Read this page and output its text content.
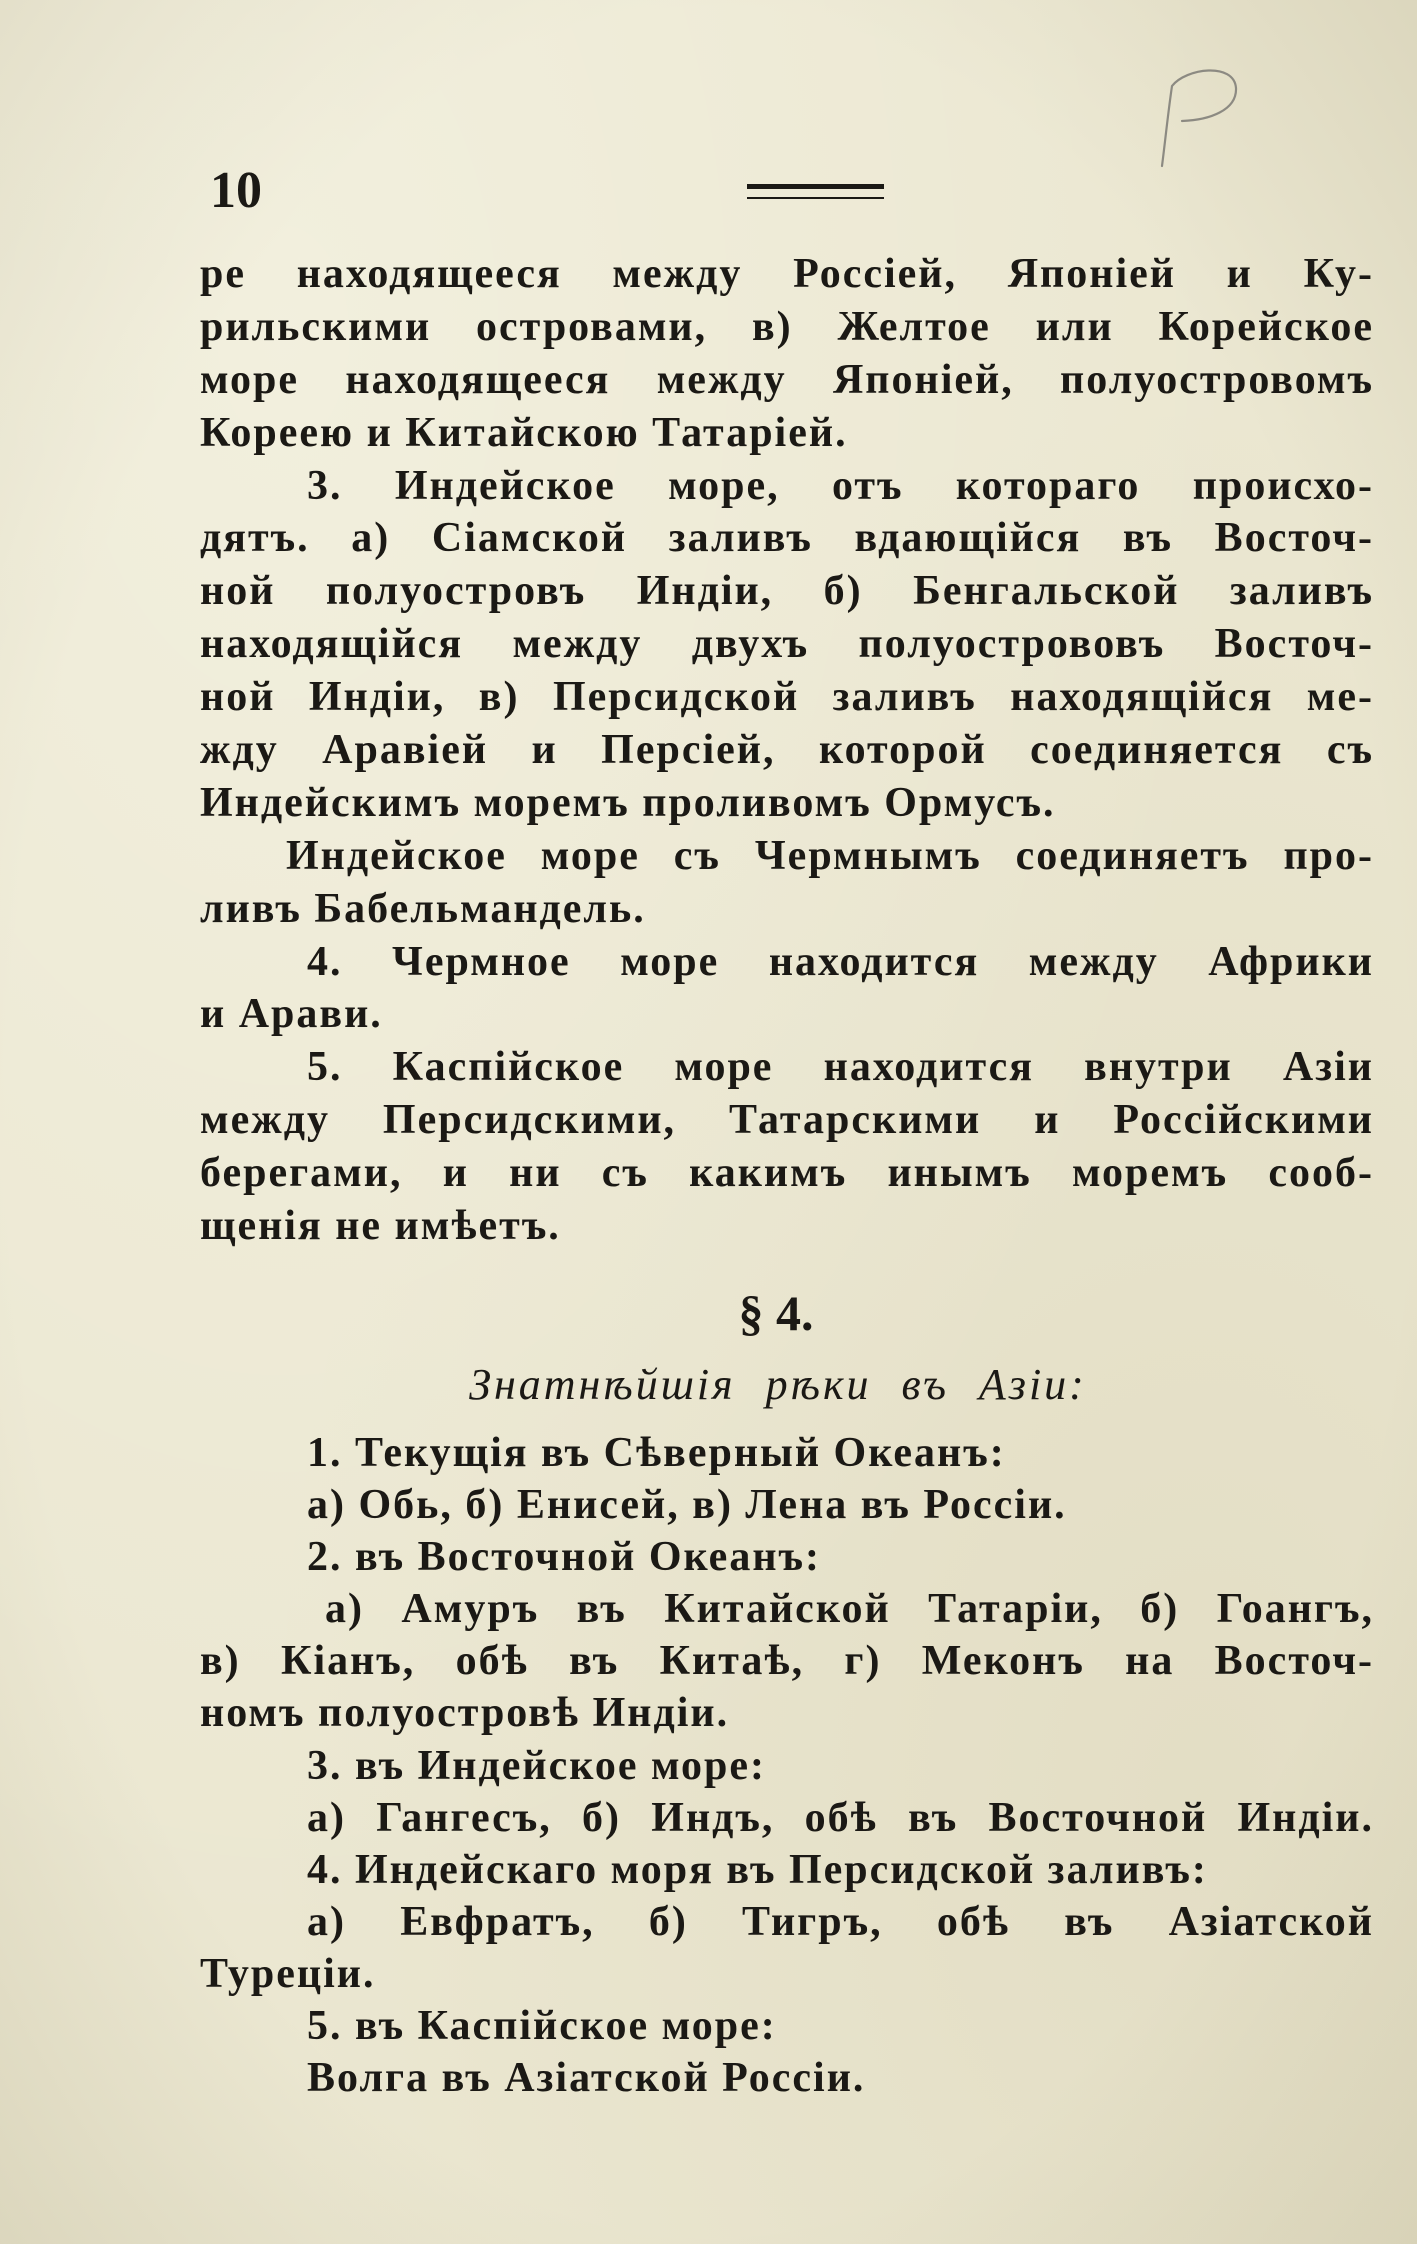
10
ре находящееся между Россіей, Японіей и Ку-
рильскими островами, в) Желтое или Корейское
море находящееся между Японіей, полуостровомъ
Кореею и Китайскою Татаріей.
3. Индейское море, отъ котораго происхо-
дятъ. а) Сіамской заливъ вдающійся въ Восточ-
ной полуостровъ Индіи, б) Бенгальской заливъ
находящійся между двухъ полуострововъ Восточ-
ной Индіи, в) Персидской заливъ находящійся ме-
жду Аравіей и Персіей, которой соединяется съ
Индейскимъ моремъ проливомъ Ормусъ.
Индейское море съ Чермнымъ соединяетъ про-
ливъ Бабельмандель.
4. Чермное море находится между Африки
и Арави.
5. Каспійское море находится внутри Азіи
между Персидскими, Татарскими и Россійскими
берегами, и ни съ какимъ инымъ моремъ сооб-
щенія не имѣетъ.
§ 4.
Знатнѣйшія рѣки въ Азіи:
1. Текущія въ Сѣверный Океанъ:
а) Обь, б) Енисей, в) Лена въ Россіи.
2. въ Восточной Океанъ:
а) Амуръ въ Китайской Татаріи, б) Гоангъ,
в) Кіанъ, обѣ въ Китаѣ, г) Меконъ на Восточ-
номъ полуостровѣ Индіи.
3. въ Индейское море:
а) Гангесъ, б) Индъ, обѣ въ Восточной Индіи.
4. Индейскаго моря въ Персидской заливъ:
а) Евфратъ, б) Тигръ, обѣ въ Азіатской
Турецiи.
5. въ Каспійское море:
Волга въ Азіатской Россіи.
